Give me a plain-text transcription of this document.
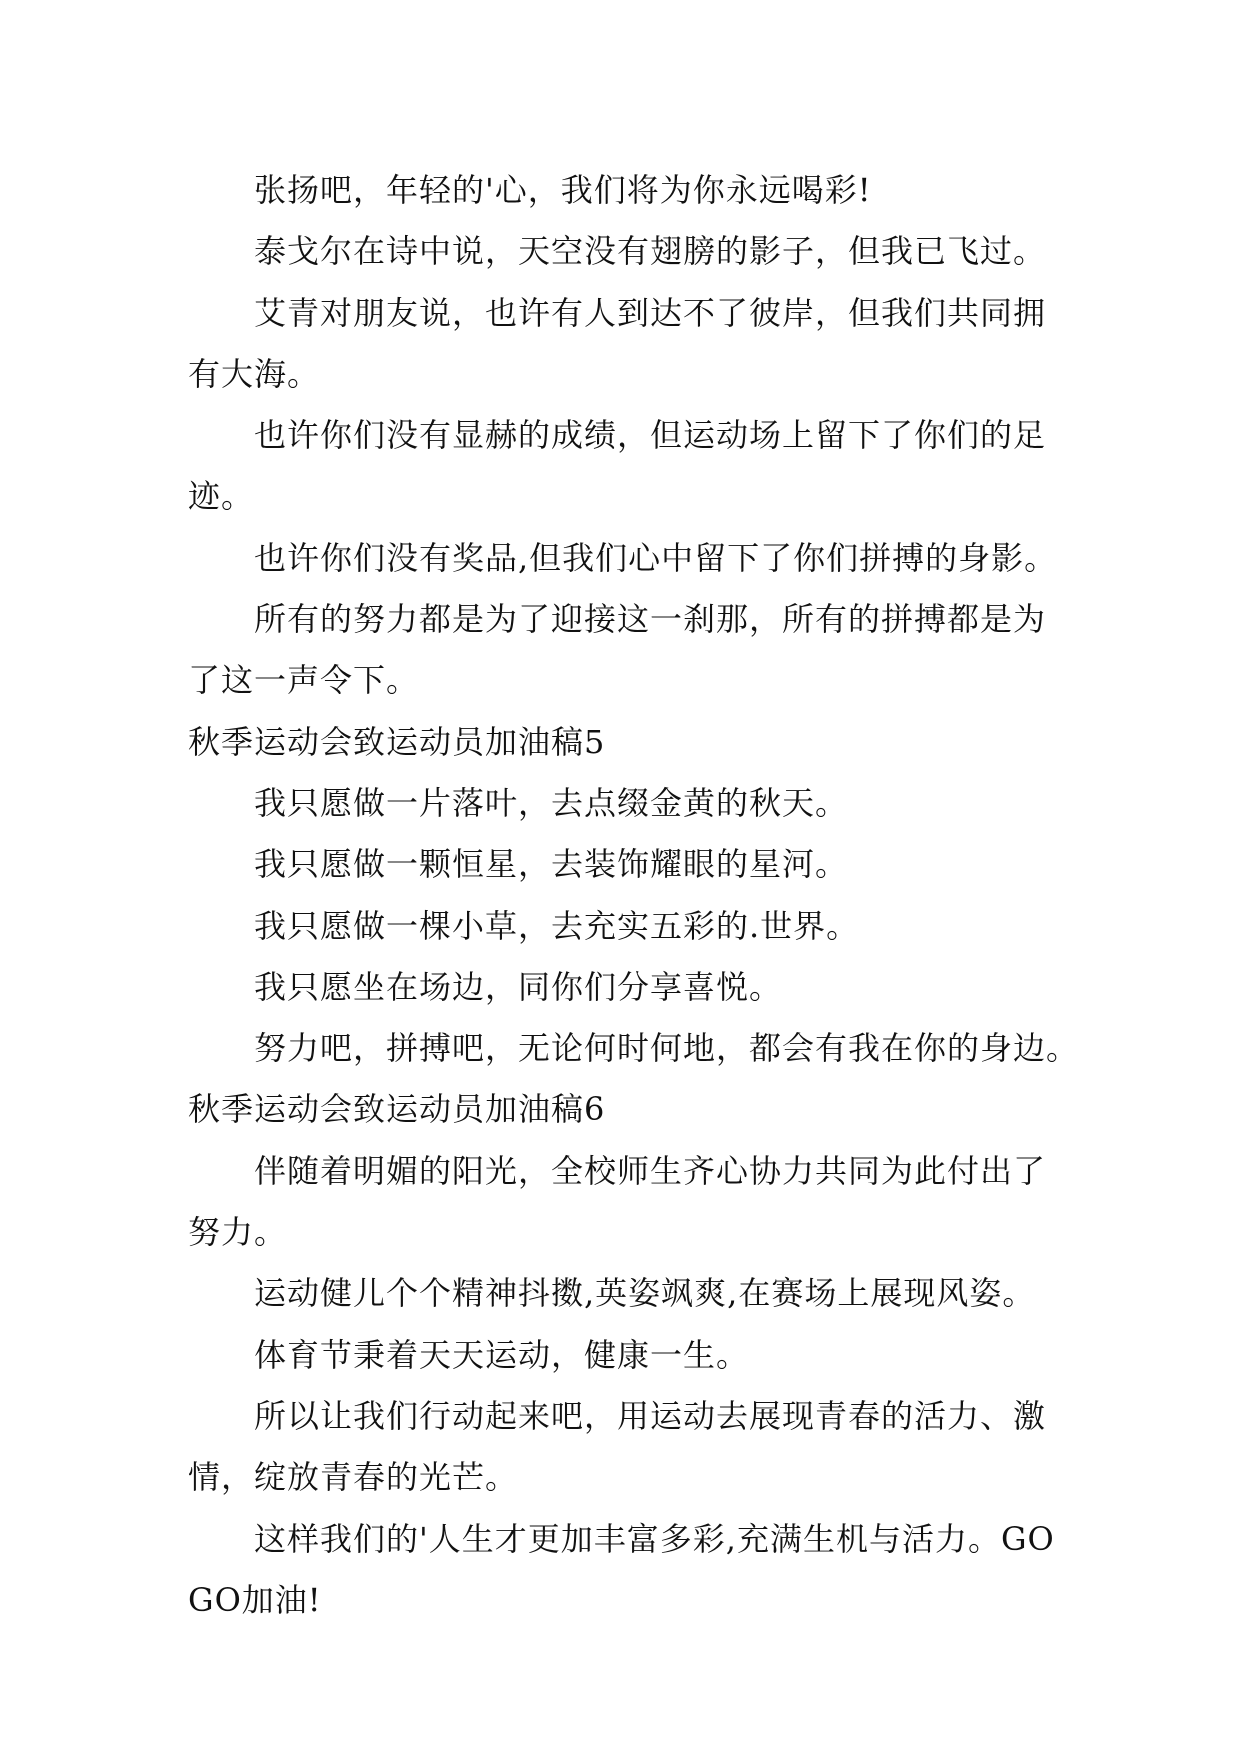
张扬吧，年轻的'心，我们将为你永远喝彩!
泰戈尔在诗中说，天空没有翅膀的影子，但我已飞过。
艾青对朋友说，也许有人到达不了彼岸，但我们共同拥
有大海。
也许你们没有显赫的成绩，但运动场上留下了你们的足
迹。
也许你们没有奖品,但我们心中留下了你们拼搏的身影。
所有的努力都是为了迎接这一刹那，所有的拼搏都是为
了这一声令下。
秋季运动会致运动员加油稿5
我只愿做一片落叶，去点缀金黄的秋天。
我只愿做一颗恒星，去装饰耀眼的星河。
我只愿做一棵小草，去充实五彩的.世界。
我只愿坐在场边，同你们分享喜悦。
努力吧，拼搏吧，无论何时何地，都会有我在你的身边。
秋季运动会致运动员加油稿6
伴随着明媚的阳光，全校师生齐心协力共同为此付出了
努力。
运动健儿个个精神抖擞,英姿飒爽,在赛场上展现风姿。
体育节秉着天天运动，健康一生。
所以让我们行动起来吧，用运动去展现青春的活力、激
情，绽放青春的光芒。
这样我们的'人生才更加丰富多彩,充满生机与活力。GO
GO加油!
